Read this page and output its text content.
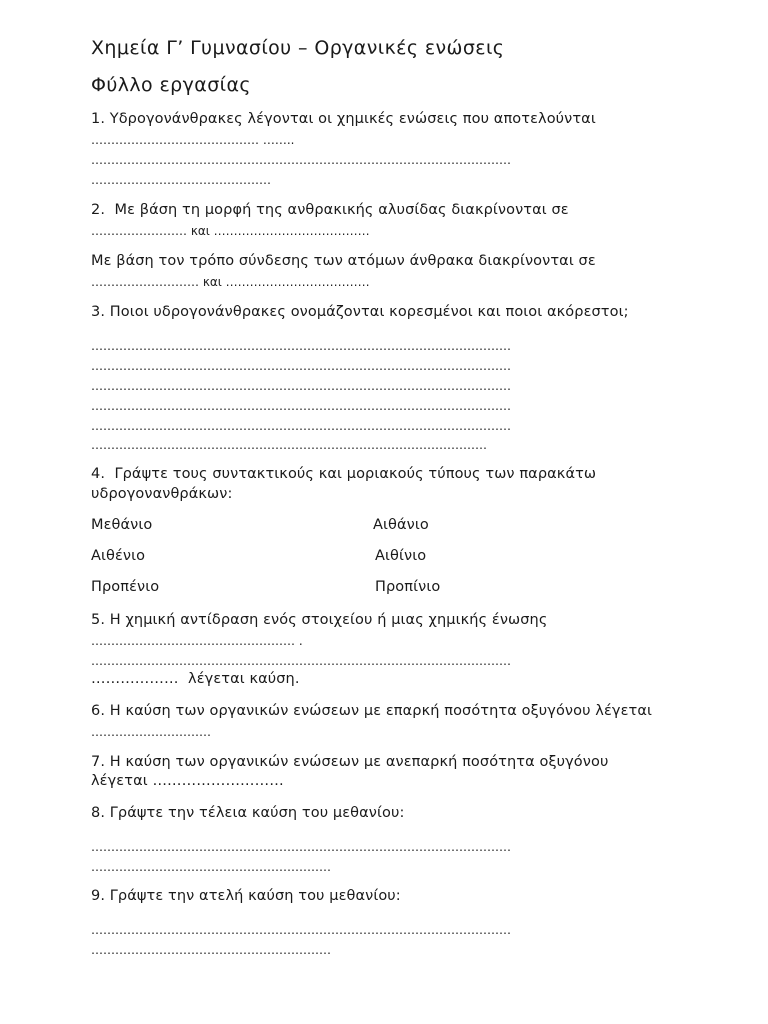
Χημεία Γ’ Γυμνασίου – Οργανικές ενώσεις
Φύλλο εργασίας
1. Υδρογονάνθρακες λέγονται οι χημικές ενώσεις που αποτελούνται
…………………………………… ……..
……………………………………………………………………………………………
………………………………………
2.  Με βάση τη μορφή της ανθρακικής αλυσίδας διακρίνονται σε
…………………… και …………………………………
Με βάση τον τρόπο σύνδεσης των ατόμων άνθρακα διακρίνονται σε
……………………… και ………………………………
3. Ποιοι υδρογονάνθρακες ονομάζονται κορεσμένοι και ποιοι ακόρεστοι;
……………………………………………………………………………………………
……………………………………………………………………………………………
……………………………………………………………………………………………
……………………………………………………………………………………………
……………………………………………………………………………………………
………………………………………………………………………………………
4.  Γράψτε τους συντακτικούς και μοριακούς τύπους των παρακάτω
υδρογονανθράκων:
Μεθάνιο	Αιθάνιο
Αιθένιο	Αιθίνιο
Προπένιο	Προπίνιο
5. Η χημική αντίδραση ενός στοιχείου ή μιας χημικής ένωσης
…………………………………………… .
……………………………………………………………………………………………
………………  λέγεται καύση.
6. Η καύση των οργανικών ενώσεων με επαρκή ποσότητα οξυγόνου λέγεται
…………………………
7. Η καύση των οργανικών ενώσεων με ανεπαρκή ποσότητα οξυγόνου
λέγεται ………………………
8. Γράψτε την τέλεια καύση του μεθανίου:
……………………………………………………………………………………………
……………………………………………………
9. Γράψτε την ατελή καύση του μεθανίου:
……………………………………………………………………………………………
……………………………………………………
